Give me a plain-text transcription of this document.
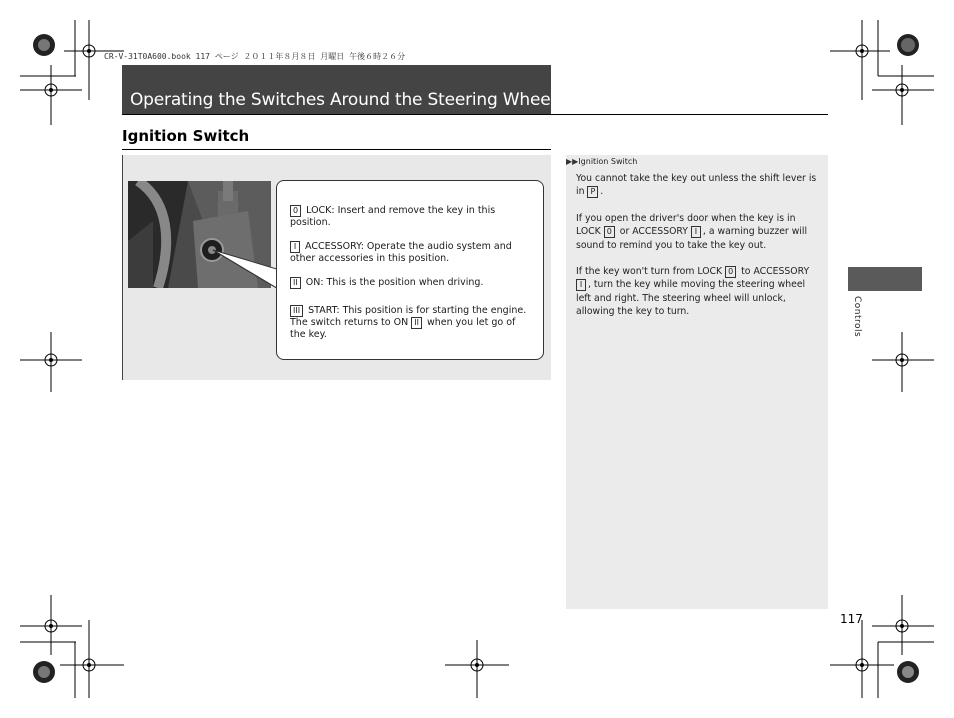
CR-V-31T0A600.book 117 ページ ２０１１年８月８日 月曜日 午後６時２６分
Operating the Switches Around the Steering Wheel
Ignition Switch
0 LOCK: Insert and remove the key in this position.
I ACCESSORY: Operate the audio system and other accessories in this position.
II ON: This is the position when driving.
III START: This position is for starting the engine. The switch returns to ON II when you let go of the key.
▶▶Ignition Switch
You cannot take the key out unless the shift lever is in P .
If you open the driver's door when the key is in LOCK 0 or ACCESSORY I , a warning buzzer will sound to remind you to take the key out.
If the key won't turn from LOCK 0 to ACCESSORY I , turn the key while moving the steering wheel left and right. The steering wheel will unlock, allowing the key to turn.	Controls
117
